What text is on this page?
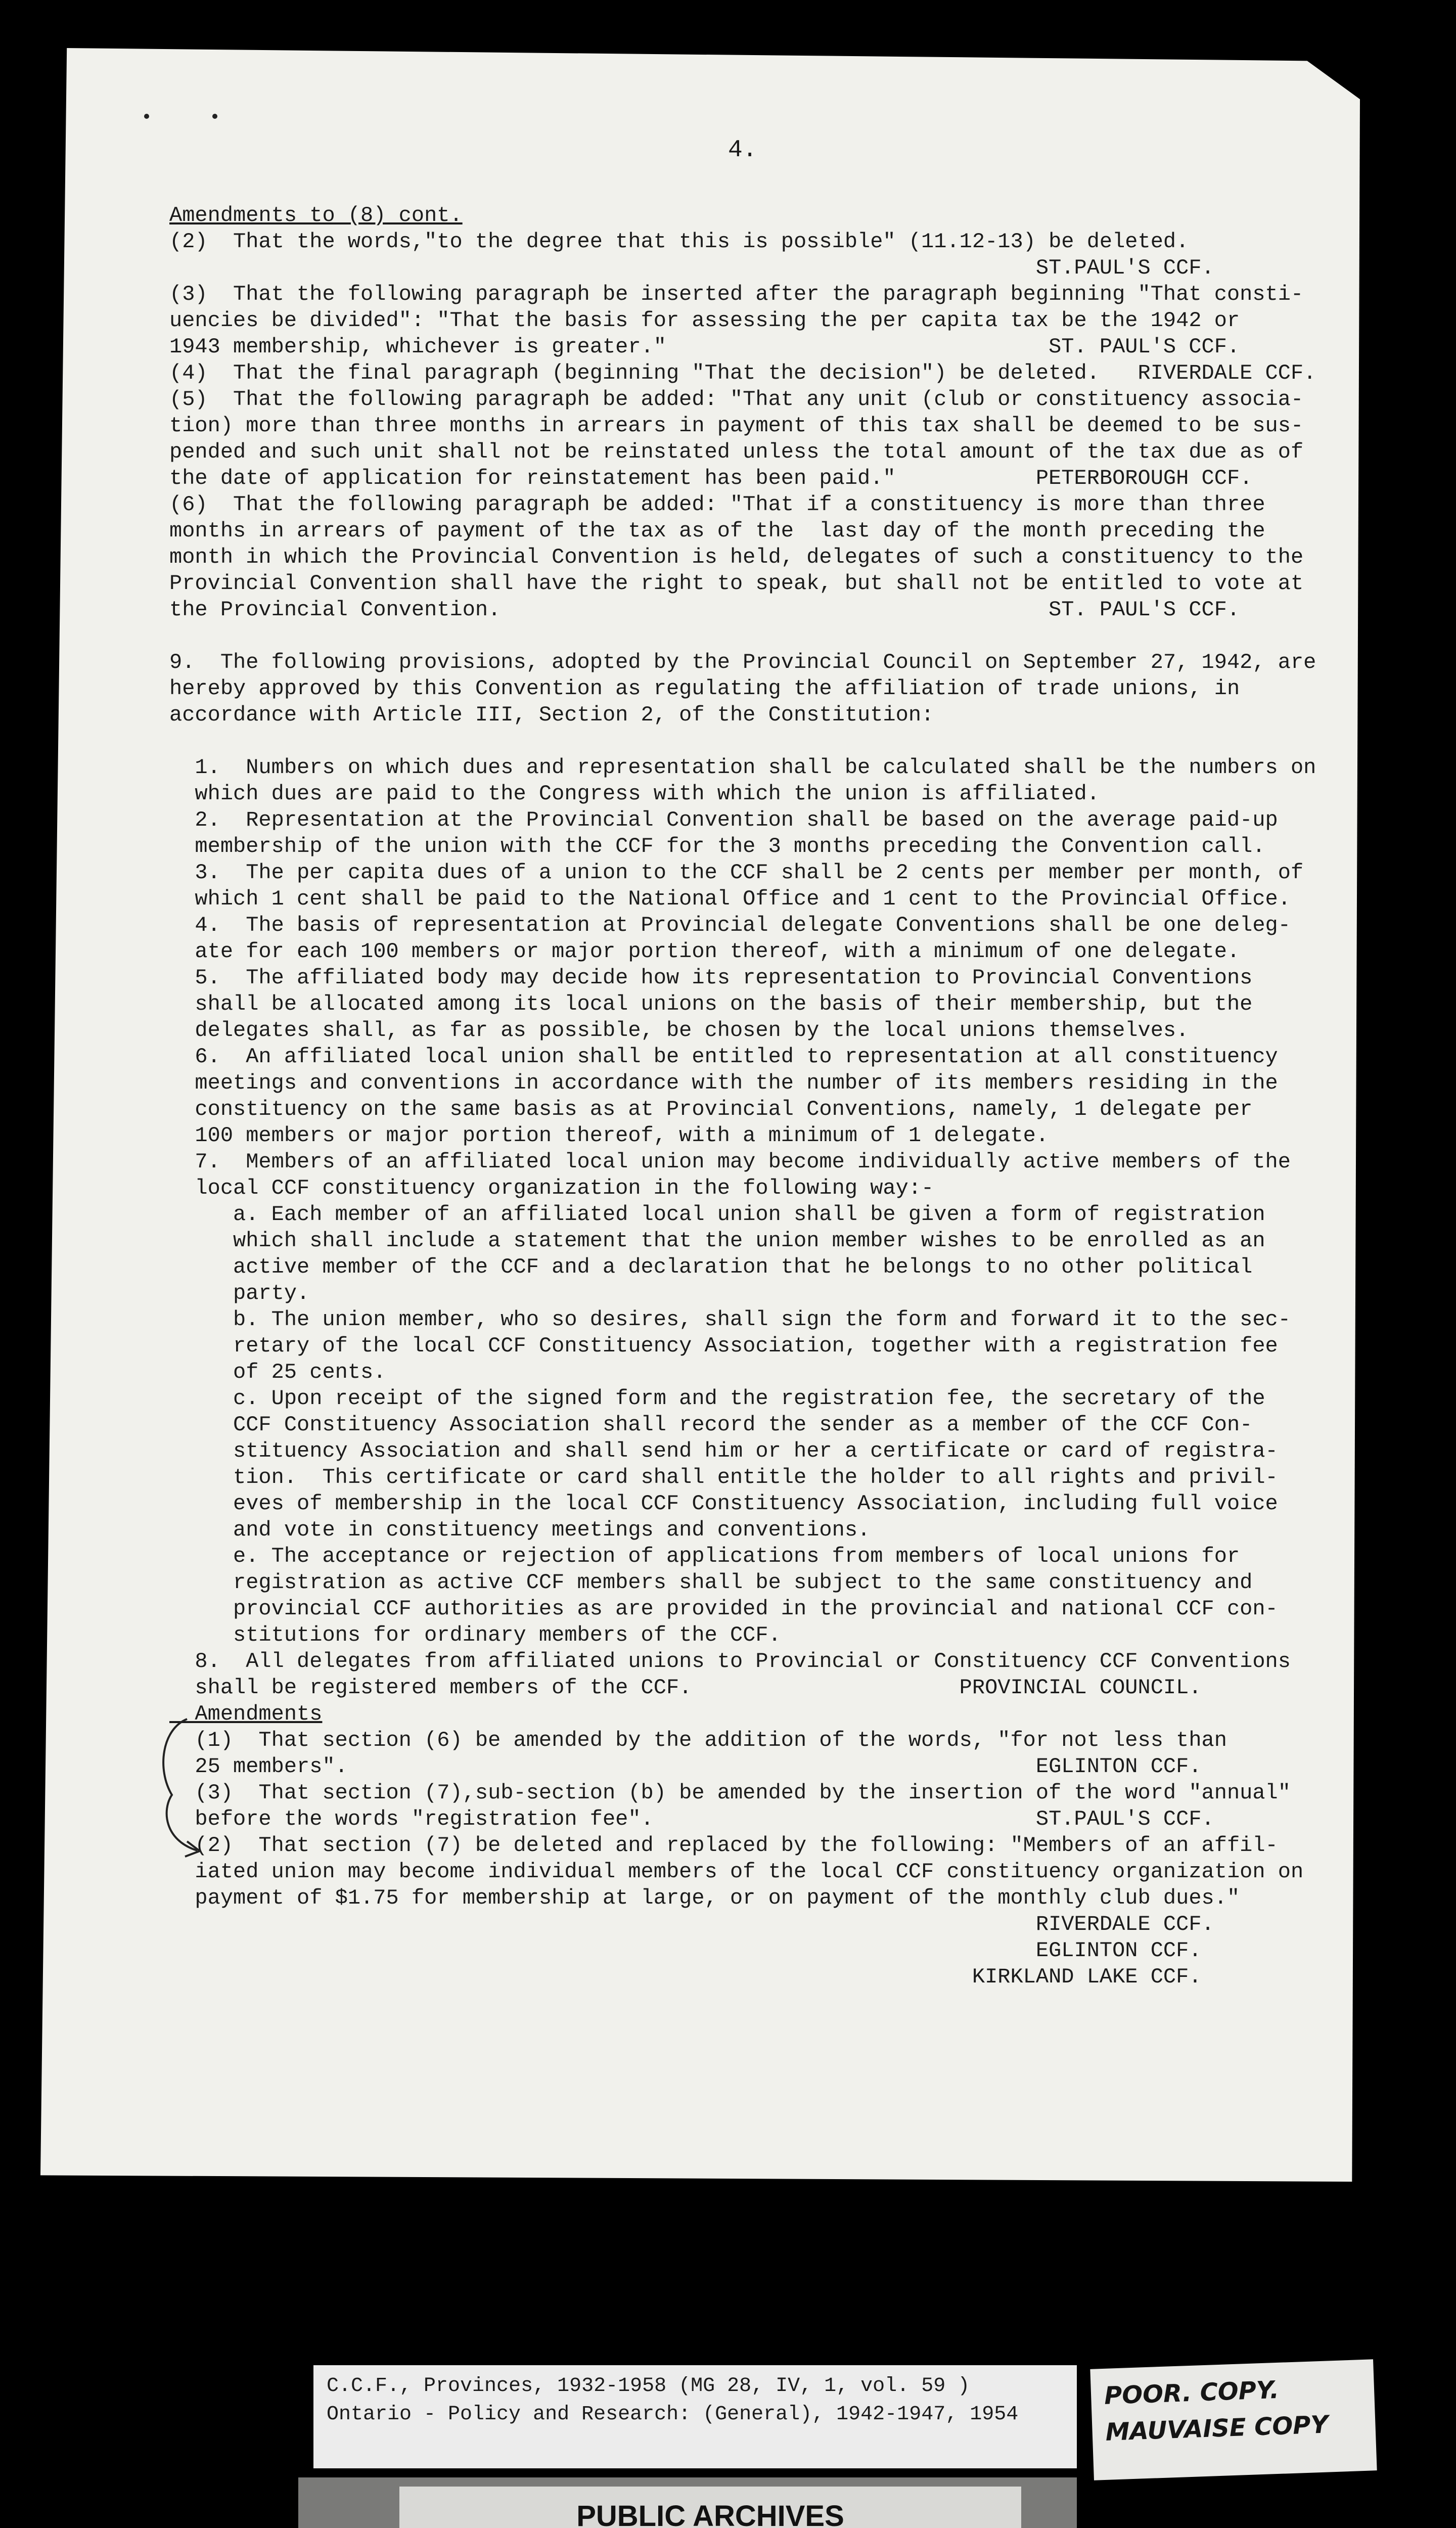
4.
Amendments to (8) cont.
(2)  That the words,"to the degree that this is possible" (11.12-13) be deleted.
ST.PAUL'S CCF.
(3)  That the following paragraph be inserted after the paragraph beginning "That consti-
uencies be divided": "That the basis for assessing the per capita tax be the 1942 or
1943 membership, whichever is greater."                              ST. PAUL'S CCF.
(4)  That the final paragraph (beginning "That the decision") be deleted.   RIVERDALE CCF.
(5)  That the following paragraph be added: "That any unit (club or constituency associa-
tion) more than three months in arrears in payment of this tax shall be deemed to be sus-
pended and such unit shall not be reinstated unless the total amount of the tax due as of
the date of application for reinstatement has been paid."           PETERBOROUGH CCF.
(6)  That the following paragraph be added: "That if a constituency is more than three
months in arrears of payment of the tax as of the  last day of the month preceding the
month in which the Provincial Convention is held, delegates of such a constituency to the
Provincial Convention shall have the right to speak, but shall not be entitled to vote at
the Provincial Convention.                                           ST. PAUL'S CCF.
9.  The following provisions, adopted by the Provincial Council on September 27, 1942, are
hereby approved by this Convention as regulating the affiliation of trade unions, in
accordance with Article III, Section 2, of the Constitution:
1.  Numbers on which dues and representation shall be calculated shall be the numbers on
which dues are paid to the Congress with which the union is affiliated.
2.  Representation at the Provincial Convention shall be based on the average paid-up
membership of the union with the CCF for the 3 months preceding the Convention call.
3.  The per capita dues of a union to the CCF shall be 2 cents per member per month, of
which 1 cent shall be paid to the National Office and 1 cent to the Provincial Office.
4.  The basis of representation at Provincial delegate Conventions shall be one deleg-
ate for each 100 members or major portion thereof, with a minimum of one delegate.
5.  The affiliated body may decide how its representation to Provincial Conventions
shall be allocated among its local unions on the basis of their membership, but the
delegates shall, as far as possible, be chosen by the local unions themselves.
6.  An affiliated local union shall be entitled to representation at all constituency
meetings and conventions in accordance with the number of its members residing in the
constituency on the same basis as at Provincial Conventions, namely, 1 delegate per
100 members or major portion thereof, with a minimum of 1 delegate.
7.  Members of an affiliated local union may become individually active members of the
local CCF constituency organization in the following way:-
a. Each member of an affiliated local union shall be given a form of registration
which shall include a statement that the union member wishes to be enrolled as an
active member of the CCF and a declaration that he belongs to no other political
party.
b. The union member, who so desires, shall sign the form and forward it to the sec-
retary of the local CCF Constituency Association, together with a registration fee
of 25 cents.
c. Upon receipt of the signed form and the registration fee, the secretary of the
CCF Constituency Association shall record the sender as a member of the CCF Con-
stituency Association and shall send him or her a certificate or card of registra-
tion.  This certificate or card shall entitle the holder to all rights and privil-
eves of membership in the local CCF Constituency Association, including full voice
and vote in constituency meetings and conventions.
e. The acceptance or rejection of applications from members of local unions for
registration as active CCF members shall be subject to the same constituency and
provincial CCF authorities as are provided in the provincial and national CCF con-
stitutions for ordinary members of the CCF.
8.  All delegates from affiliated unions to Provincial or Constituency CCF Conventions
shall be registered members of the CCF.                     PROVINCIAL COUNCIL.
Amendments
(1)  That section (6) be amended by the addition of the words, "for not less than
25 members".                                                      EGLINTON CCF.
(3)  That section (7),sub-section (b) be amended by the insertion of the word "annual"
before the words "registration fee".                              ST.PAUL'S CCF.
(2)  That section (7) be deleted and replaced by the following: "Members of an affil-
iated union may become individual members of the local CCF constituency organization on
payment of $1.75 for membership at large, or on payment of the monthly club dues."
RIVERDALE CCF.
EGLINTON CCF.
KIRKLAND LAKE CCF.
C.C.F., Provinces, 1932-1958 (MG 28, IV, 1, vol. 59 )
Ontario - Policy and Research: (General), 1942-1947, 1954
POOR. COPY.
MAUVAISE COPY
PUBLIC ARCHIVES
